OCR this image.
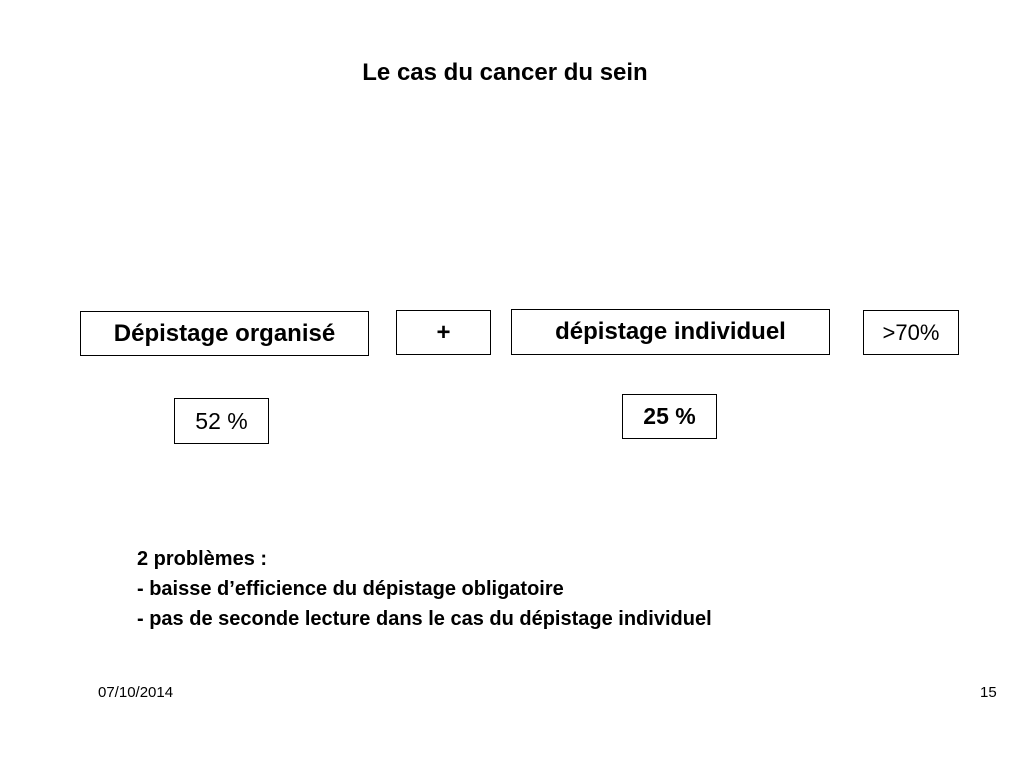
Le cas du cancer du sein
Dépistage organisé	+	dépistage individuel	>70%
52 %	25 %
2 problèmes :
- baisse d’efficience du dépistage obligatoire
- pas de seconde lecture dans le cas du dépistage individuel
07/10/2014	15
